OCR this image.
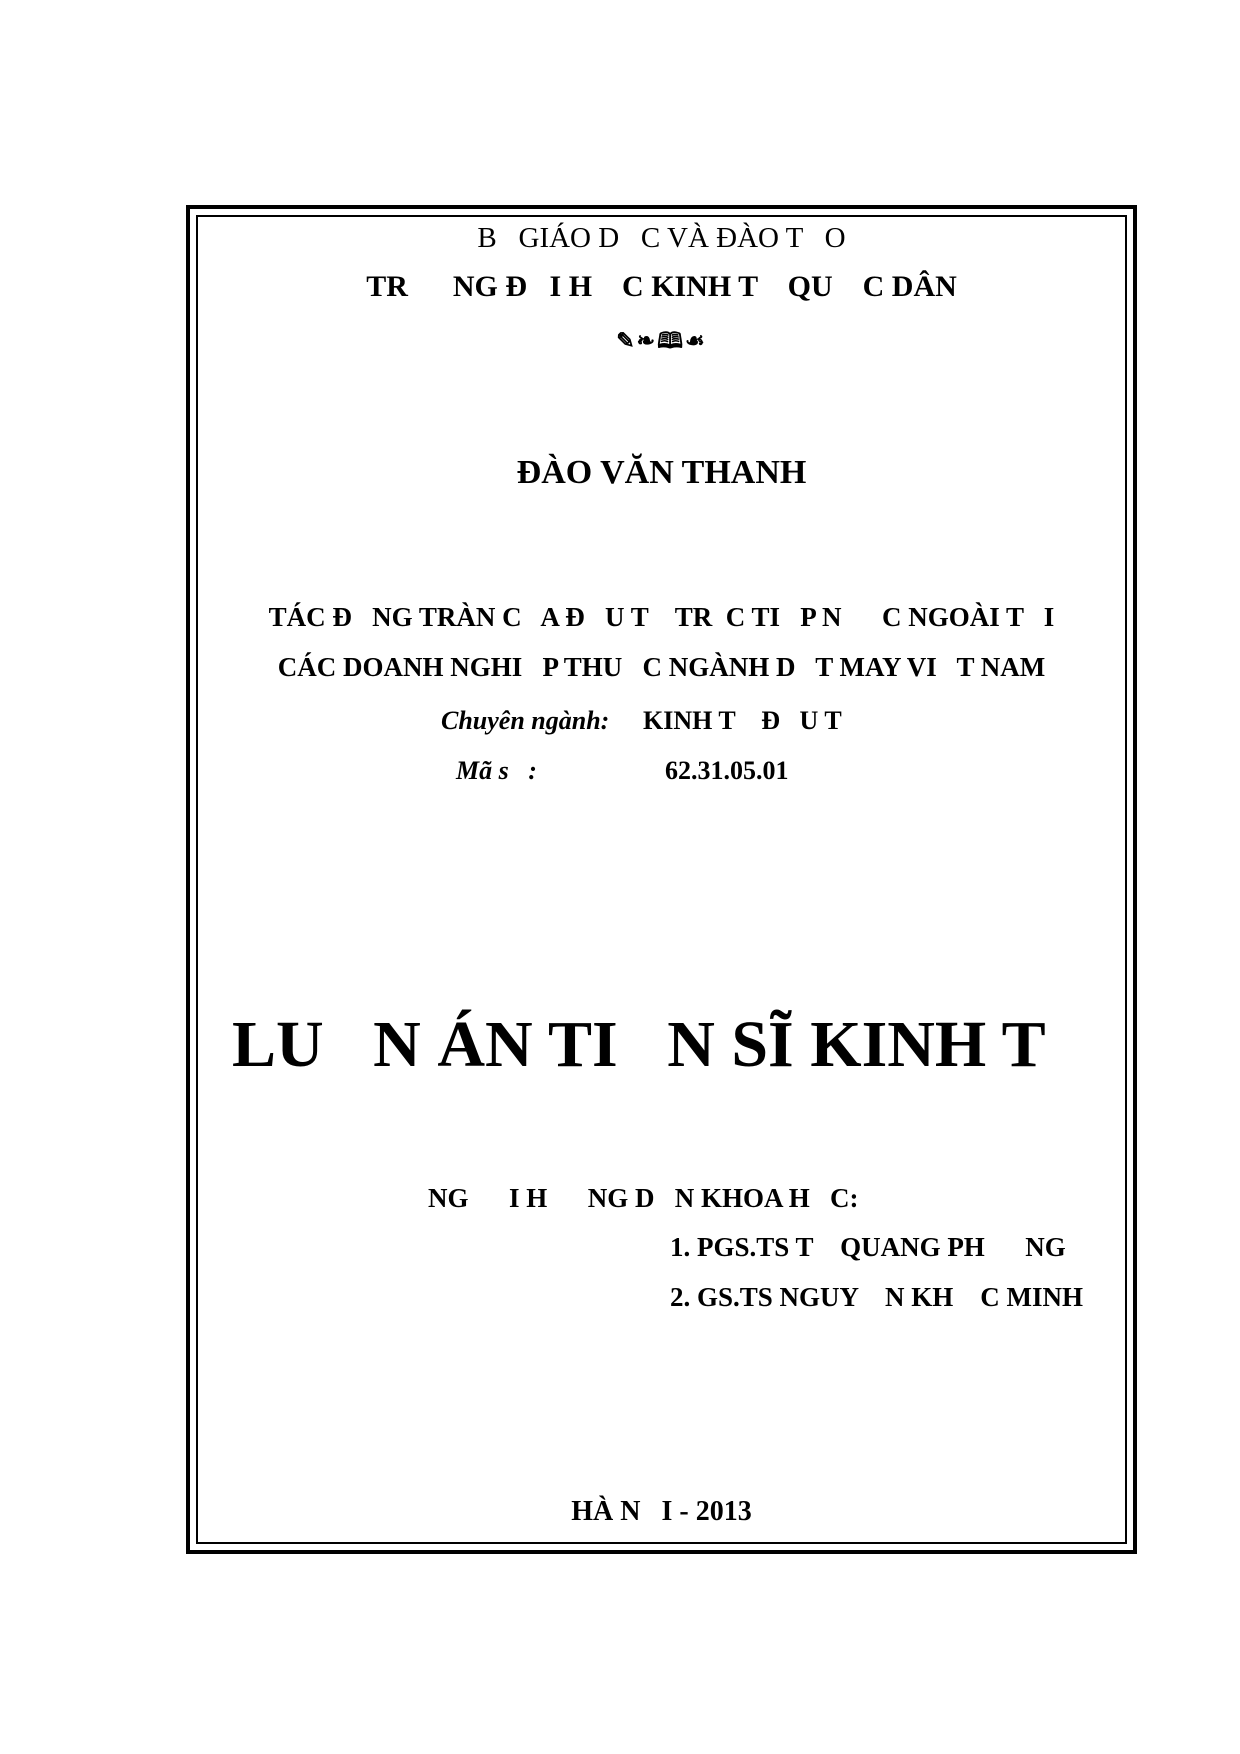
B   GIÁO D   C VÀ ĐÀO T   O
TR      NG Đ   I H    C KINH T    QU    C DÂN
✎❧🕮☙
ĐÀO VĂN THANH
TÁC Đ   NG TRÀN C   A Đ   U T    TR  C TI   P N      C NGOÀI T   I
CÁC DOANH NGHI   P THU   C NGÀNH D   T MAY VI   T NAM
Chuyên ngành: KINH T    Đ   U T
Mã s   :	62.31.05.01
LU   N ÁN TI   N SĨ KINH T
NG      I H      NG D   N KHOA H   C:
1. PGS.TS T    QUANG PH      NG
2. GS.TS NGUY    N KH    C MINH
HÀ N   I - 2013
